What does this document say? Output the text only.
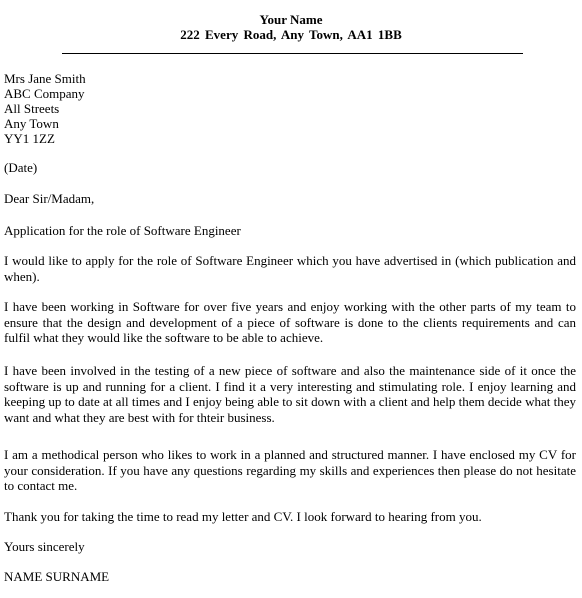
Your Name
222 Every Road, Any Town, AA1 1BB
Mrs Jane Smith
ABC Company
All Streets
Any Town
YY1 1ZZ

(Date)

Dear Sir/Madam,

Application for the role of Software Engineer

I would like to apply for the role of Software Engineer which you have advertised in (which publication and when).

I have been working in Software for over five years and enjoy working with the other parts of my team to ensure that the design and development of a piece of software is done to the clients requirements and can fulfil what they would like the software to be able to achieve.

I have been involved in the testing of a new piece of software and also the maintenance side of it once the software is up and running for a client. I find it a very interesting and stimulating role. I enjoy learning and keeping up to date at all times and I enjoy being able to sit down with a client and help them decide what they want and what they are best with for thteir business.

I am a methodical person who likes to work in a planned and structured manner. I have enclosed my CV for your consideration. If you have any questions regarding my skills and experiences then please do not hesitate to contact me.

Thank you for taking the time to read my letter and CV. I look forward to hearing from you.

Yours sincerely

NAME SURNAME
